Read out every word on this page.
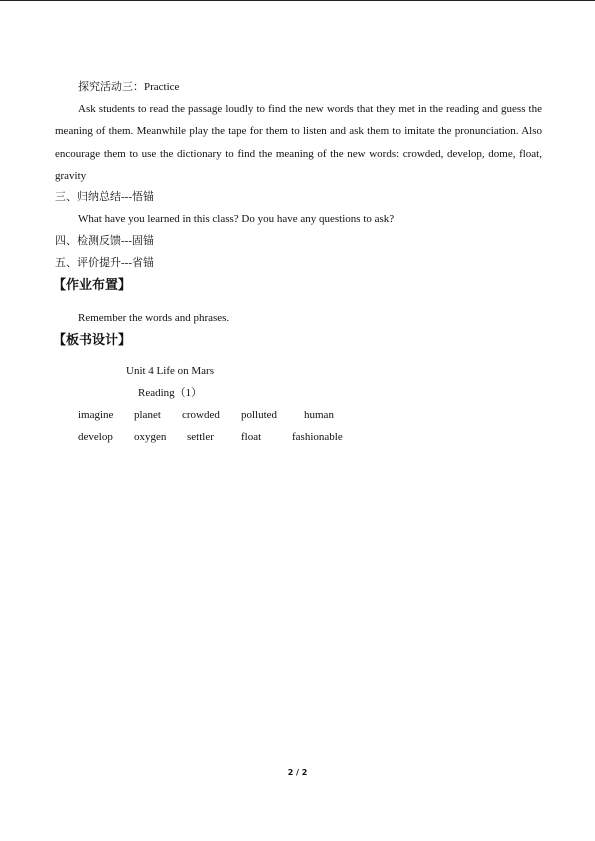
探究活动三：Practice
Ask students to read the passage loudly to find the new words that they met in the reading and guess the meaning of them. Meanwhile play the tape for them to listen and ask them to imitate the pronunciation. Also encourage them to use the dictionary to find the meaning of the new words: crowded, develop, dome, float, gravity
三、归纳总结---悟锚
What have you learned in this class? Do you have any questions to ask?
四、检测反馈---固锚
五、评价提升---省锚
【作业布置】
Remember the words and phrases.
【板书设计】
Unit 4 Life on Mars
Reading（1）
imagine planet crowded polluted human
develop oxygen settler float	fashionable
2 / 2
